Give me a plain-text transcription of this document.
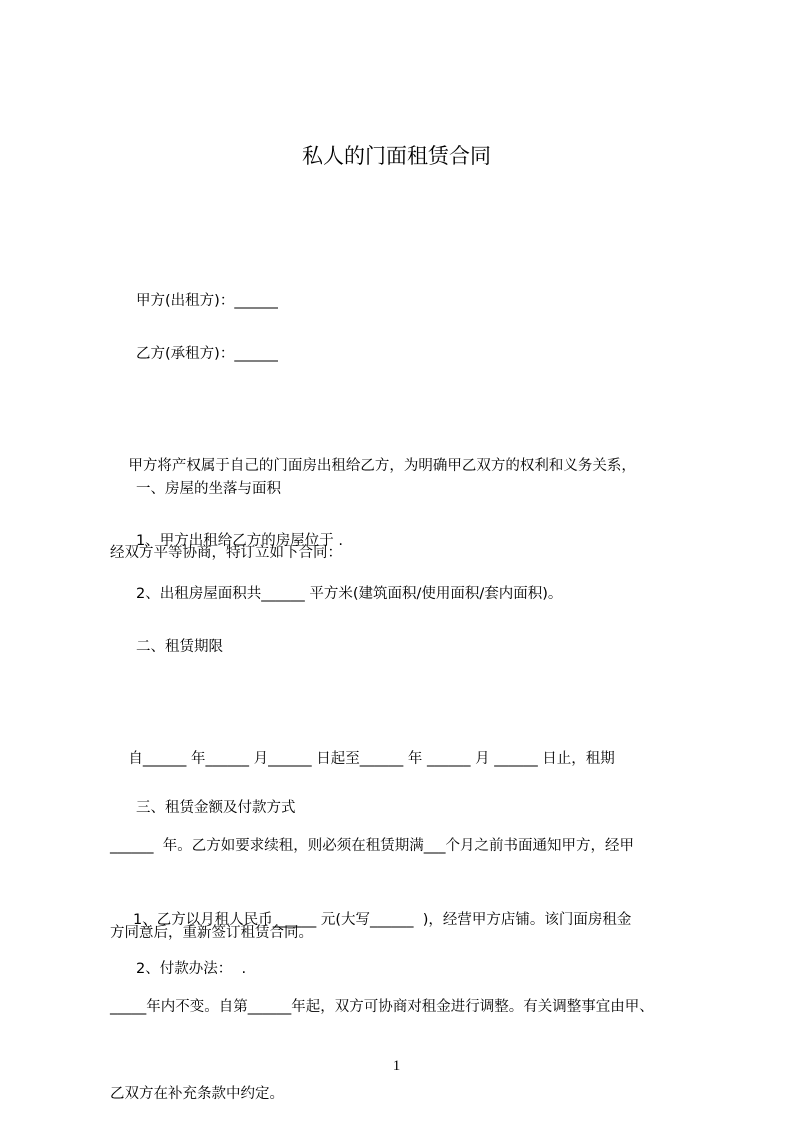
私人的门面租赁合同
甲方(出租方)：______
乙方(承租方)：______

甲方将产权属于自己的门面房出租给乙方，为明确甲乙双方的权利和义务关系，

经双方平等协商，特订立如下合同：

一、房屋的坐落与面积
1、甲方出租给乙方的房屋位于 .
2、出租房屋面积共______ 平方米(建筑面积/使用面积/套内面积)。
二、租赁期限

自______ 年______ 月______ 日起至______ 年 ______ 月 ______ 日止，租期

______  年。乙方如要求续租，则必须在租赁期满___个月之前书面通知甲方，经甲

方同意后，重新签订租赁合同。

三、租赁金额及付款方式

1、乙方以月租人民币______ 元(大写______  )，经营甲方店铺。该门面房租金

_____年内不变。自第______年起，双方可协商对租金进行调整。有关调整事宜由甲、

乙双方在补充条款中约定。

2、付款办法：  .
1
